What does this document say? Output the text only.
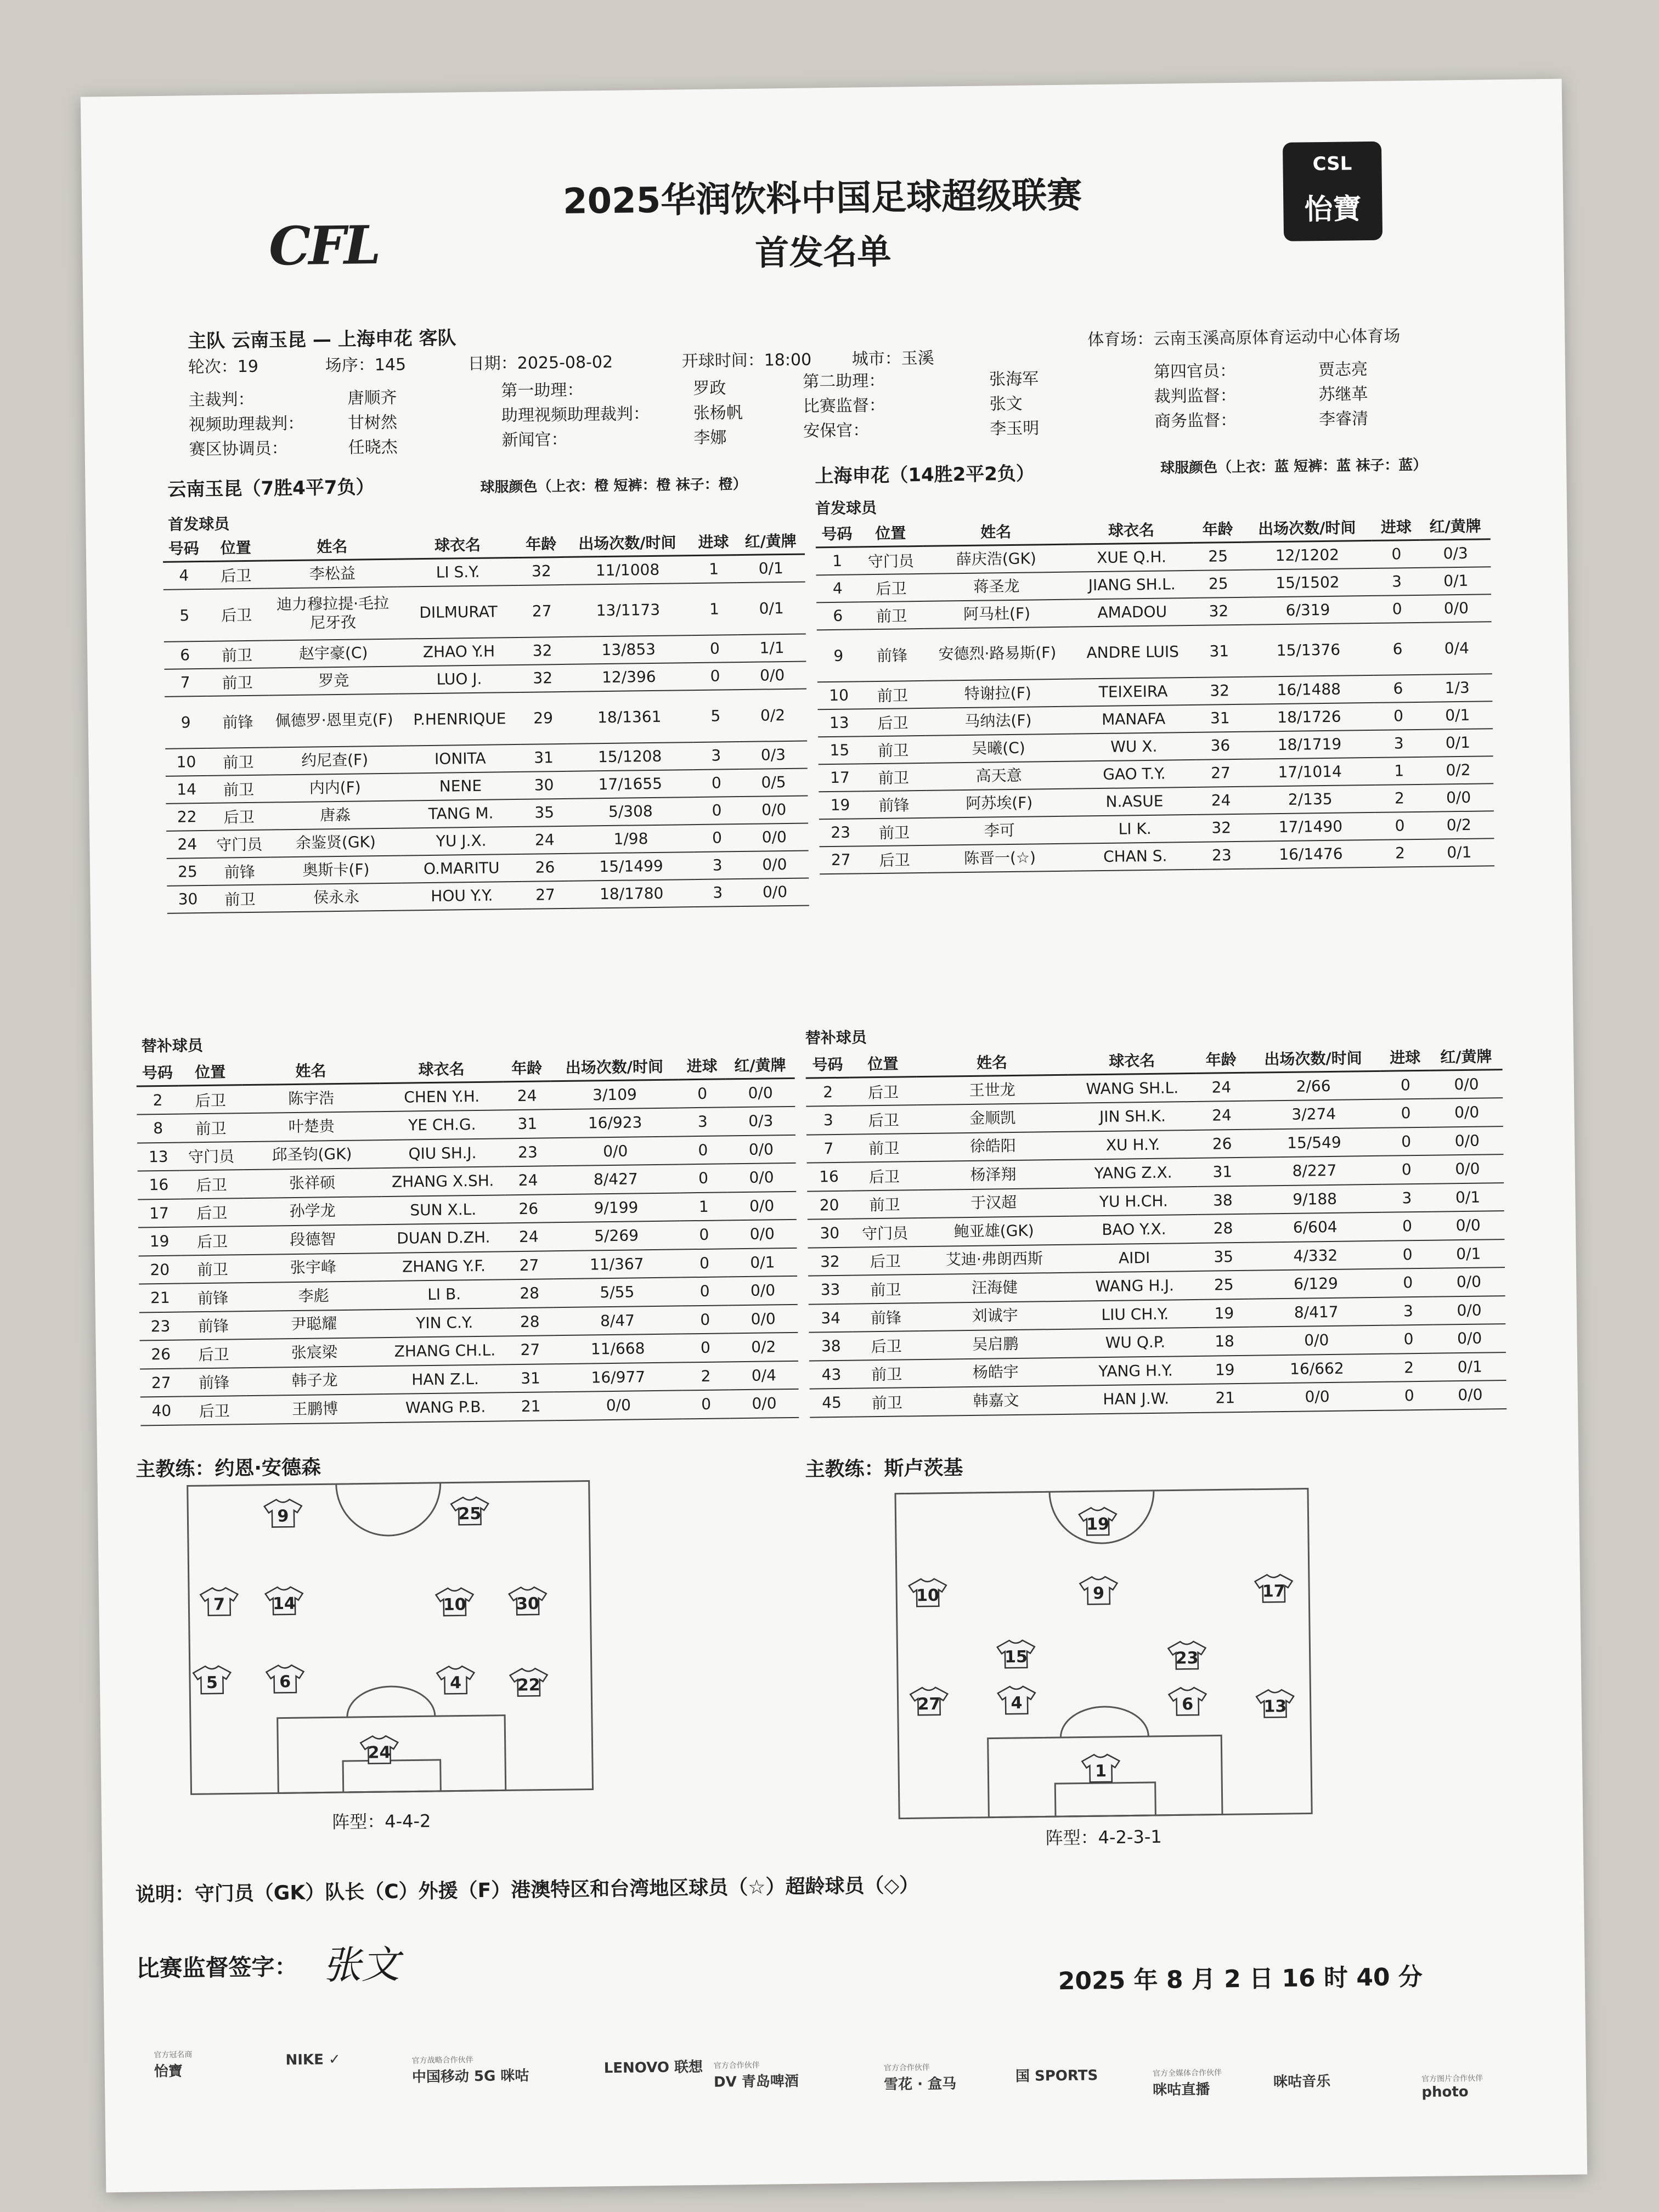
CFL
2025华润饮料中国足球超级联赛
首发名单
CSL
怡寶
主队 云南玉昆 — 上海申花 客队
轮次：19	场序：145	日期：2025-08-02	开球时间：18:00 城市：玉溪
体育场：云南玉溪高原体育运动中心体育场
主裁判：	唐顺齐
视频助理裁判：	甘树然
赛区协调员：	任晓杰
第一助理：	罗政
助理视频助理裁判：	张杨帆
新闻官：	李娜
第二助理：	张海军
比赛监督：	张文
安保官：	李玉明
第四官员：	贾志亮
裁判监督：	苏继革
商务监督：	李睿清
云南玉昆（7胜4平7负）	球服颜色（上衣：橙 短裤：橙 袜子：橙）	上海申花（14胜2平2负）	球服颜色（上衣：蓝 短裤：蓝 袜子：蓝）
首发球员
首发球员
号码	位置	姓名	球衣名	年龄	出场次数/时间	进球	红/黄牌
4	后卫	李松益	LI S.Y.	32	11/1008	1	0/1
5	后卫	迪力穆拉提·毛拉尼牙孜	DILMURAT	27	13/1173	1	0/1
6	前卫	赵宇豪(C)	ZHAO Y.H	32	13/853	0	1/1
7	前卫	罗竞	LUO J.	32	12/396	0	0/0
9	前锋	佩德罗·恩里克(F)	P.HENRIQUE	29	18/1361	5	0/2
10	前卫	约尼查(F)	IONITA	31	15/1208	3	0/3
14	前卫	内内(F)	NENE	30	17/1655	0	0/5
22	后卫	唐淼	TANG M.	35	5/308	0	0/0
24	守门员	余鉴贤(GK)	YU J.X.	24	1/98	0	0/0
25	前锋	奥斯卡(F)	O.MARITU	26	15/1499	3	0/0
30	前卫	侯永永	HOU Y.Y.	27	18/1780	3	0/0
号码	位置	姓名	球衣名	年龄	出场次数/时间	进球	红/黄牌
1	守门员	薛庆浩(GK)	XUE Q.H.	25	12/1202	0	0/3
4	后卫	蒋圣龙	JIANG SH.L.	25	15/1502	3	0/1
6	前卫	阿马杜(F)	AMADOU	32	6/319	0	0/0
9	前锋	安德烈·路易斯(F)	ANDRE LUIS	31	15/1376	6	0/4
10	前卫	特谢拉(F)	TEIXEIRA	32	16/1488	6	1/3
13	后卫	马纳法(F)	MANAFA	31	18/1726	0	0/1
15	前卫	吴曦(C)	WU X.	36	18/1719	3	0/1
17	前卫	高天意	GAO T.Y.	27	17/1014	1	0/2
19	前锋	阿苏埃(F)	N.ASUE	24	2/135	2	0/0
23	前卫	李可	LI K.	32	17/1490	0	0/2
27	后卫	陈晋一(☆)	CHAN S.	23	16/1476	2	0/1
替补球员	替补球员
号码	位置	姓名	球衣名	年龄	出场次数/时间	进球	红/黄牌
2	后卫	陈宇浩	CHEN Y.H.	24	3/109	0	0/0
8	前卫	叶楚贵	YE CH.G.	31	16/923	3	0/3
13	守门员	邱圣钧(GK)	QIU SH.J.	23	0/0	0	0/0
16	后卫	张祥硕	ZHANG X.SH.	24	8/427	0	0/0
17	后卫	孙学龙	SUN X.L.	26	9/199	1	0/0
19	后卫	段德智	DUAN D.ZH.	24	5/269	0	0/0
20	前卫	张宇峰	ZHANG Y.F.	27	11/367	0	0/1
21	前锋	李彪	LI B.	28	5/55	0	0/0
23	前锋	尹聪耀	YIN C.Y.	28	8/47	0	0/0
26	后卫	张宸梁	ZHANG CH.L.	27	11/668	0	0/2
27	前锋	韩子龙	HAN Z.L.	31	16/977	2	0/4
40	后卫	王鹏博	WANG P.B.	21	0/0	0	0/0
号码	位置	姓名	球衣名	年龄	出场次数/时间	进球	红/黄牌
2	后卫	王世龙	WANG SH.L.	24	2/66	0	0/0
3	后卫	金顺凯	JIN SH.K.	24	3/274	0	0/0
7	前卫	徐皓阳	XU H.Y.	26	15/549	0	0/0
16	后卫	杨泽翔	YANG Z.X.	31	8/227	0	0/0
20	前卫	于汉超	YU H.CH.	38	9/188	3	0/1
30	守门员	鲍亚雄(GK)	BAO Y.X.	28	6/604	0	0/0
32	后卫	艾迪·弗朗西斯	AIDI	35	4/332	0	0/1
33	前卫	汪海健	WANG H.J.	25	6/129	0	0/0
34	前锋	刘诚宇	LIU CH.Y.	19	8/417	3	0/0
38	后卫	吴启鹏	WU Q.P.	18	0/0	0	0/0
43	前卫	杨皓宇	YANG H.Y.	19	16/662	2	0/1
45	前卫	韩嘉文	HAN J.W.	21	0/0	0	0/0
主教练：约恩·安德森	主教练：斯卢茨基
9	25
7	14	10	30
5	6	4	22
24
19
10	9	17
15	23
27	4	6	13
1
阵型：4-4-2
阵型：4-2-3-1
说明：守门员（GK）队长（C）外援（F）港澳特区和台湾地区球员（☆）超龄球员（◇）
比赛监督签字： 张文	2025 年 8 月 2 日 16 时 40 分
官方冠名商
怡寶
NIKE ✓	官方战略合作伙伴
中国移动 5G 咪咕	LENOVO 联想 官方合作伙伴
DV 青岛啤酒
官方合作伙伴
雪花 · 盒马	国 SPORTS	官方全媒体合作伙伴
咪咕直播	咪咕音乐	官方图片合作伙伴
photo
